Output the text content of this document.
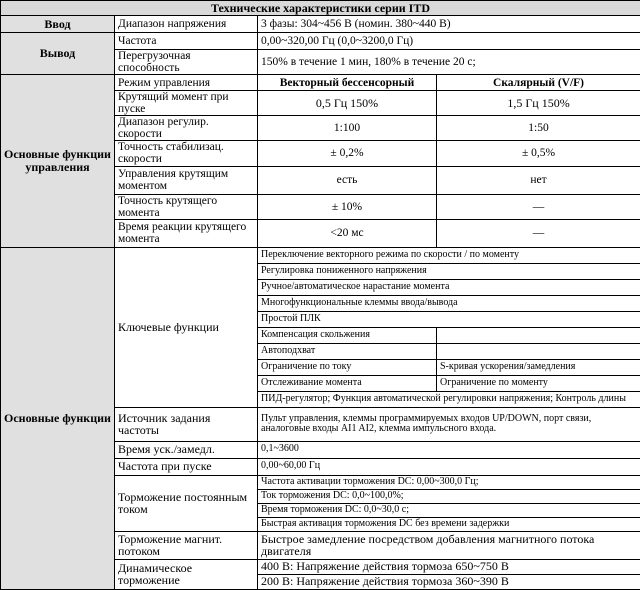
Технические характеристики серии ITD			
Ввод	Диапазон напряжения	3 фазы: 304~456 В (номин. 380~440 В)	
Вывод	Частота	0,00~320,00 Гц (0,0~3200,0 Гц)	
	Перегрузочная способность	150% в течение 1 мин, 180% в течение 20 с;	
Основные функции управления	Режим управления	Векторный бессенсорный	Скалярный (V/F)
	Крутящий момент при пуске	0,5 Гц 150%	1,5 Гц 150%
	Диапазон регулир. скорости	1:100	1:50
	Точность стабилизац. скорости	± 0,2%	± 0,5%
	Управления крутящим моментом	есть	нет
	Точность крутящего момента	± 10%	—
	Время реакции крутящего момента	<20 мс	—
Основные функции	Ключевые функции	Переключение векторного режима по скорости / по моменту	
		Регулировка пониженного напряжения	
		Ручное/автоматическое нарастание момента	
		Многофункциональные клеммы ввода/вывода	
		Простой ПЛК	
		Компенсация скольжения	
		Автоподхват	
		Ограничение по току	S-кривая ускорения/замедления
		Отслеживание момента	Ограничение по моменту
		ПИД-регулятор; Функция автоматической регулировки напряжения; Контроль длины	
	Источник задания частоты	Пульт управления, клеммы программируемых входов UP/DOWN, порт связи, аналоговые входы AI1 AI2, клемма импульсного входа.	
	Время уск./замедл.	0,1~3600	
	Частота при пуске	0,00~60,00 Гц	
	Торможение постоянным током	Частота активации торможения DC: 0,00~300,0 Гц;	
		Ток торможения DC: 0,0~100,0%;	
		Время торможения DC: 0,0~30,0 с;	
		Быстрая активация торможения DC без времени задержки	
	Торможение магнит. потоком	Быстрое замедление посредством добавления магнитного потока двигателя	
	Динамическое торможение	400 В: Напряжение действия тормоза 650~750 В	
		200 В: Напряжение действия тормоза 360~390 В	
